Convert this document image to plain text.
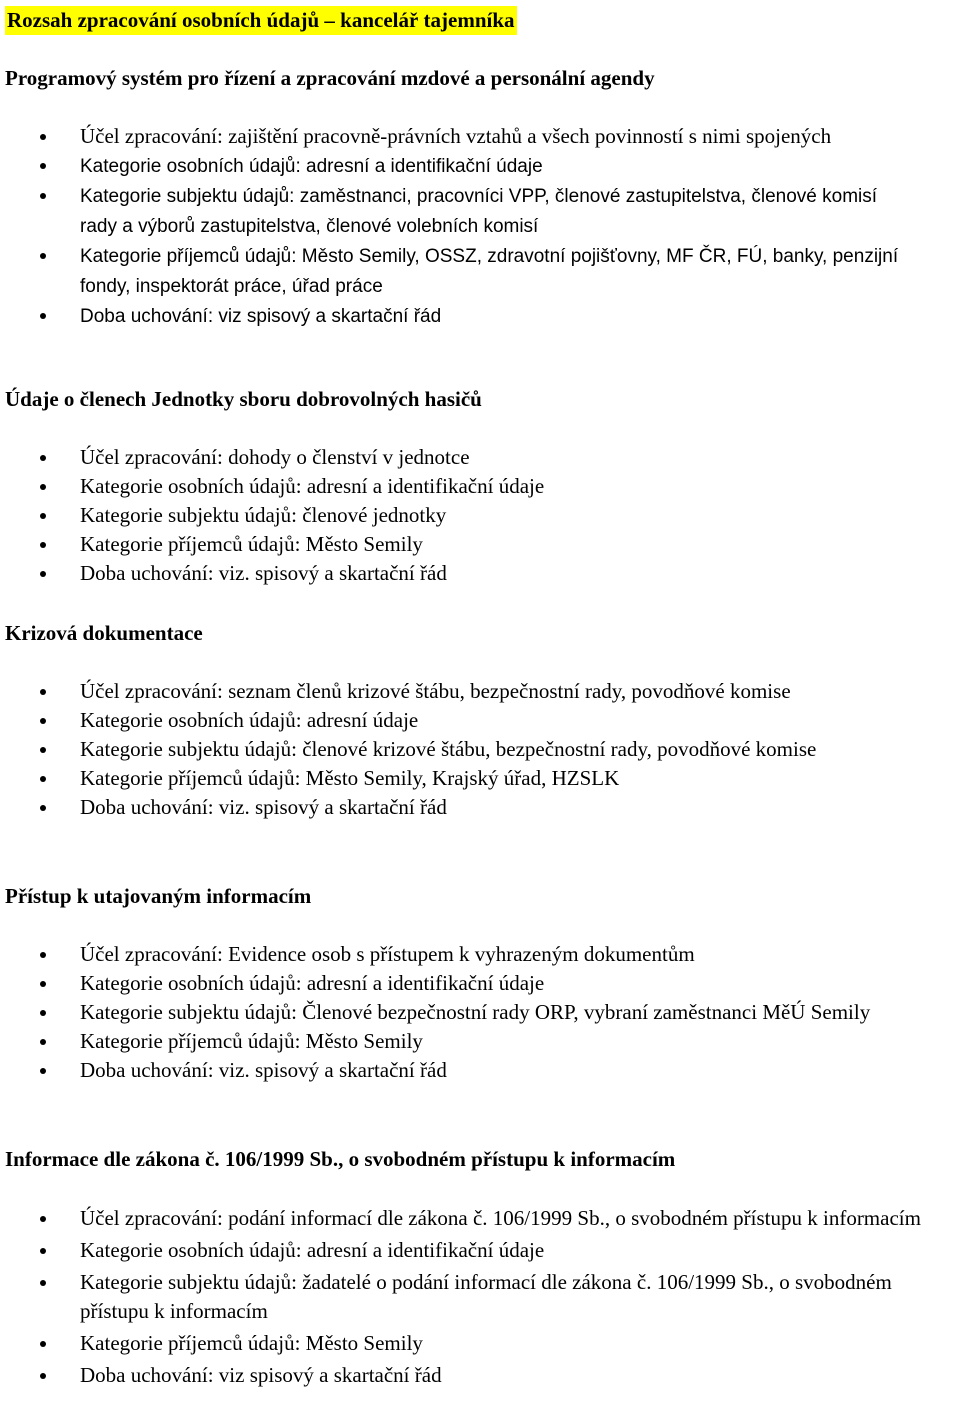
Rozsah zpracování osobních údajů – kancelář tajemníka
Programový systém pro řízení a zpracování mzdové a personální agendy
Účel zpracování: zajištění pracovně-právních vztahů a všech povinností s nimi spojených
Kategorie osobních údajů: adresní a identifikační údaje
Kategorie subjektu údajů: zaměstnanci, pracovníci VPP, členové zastupitelstva, členové komisí rady a výborů zastupitelstva, členové volebních komisí
Kategorie příjemců údajů: Město Semily, OSSZ, zdravotní pojišťovny, MF ČR, FÚ, banky, penzijní fondy, inspektorát práce, úřad práce
Doba uchování: viz spisový a skartační řád
Údaje o členech Jednotky sboru dobrovolných hasičů
Účel zpracování: dohody o členství v jednotce
Kategorie osobních údajů: adresní a identifikační údaje
Kategorie subjektu údajů: členové jednotky
Kategorie příjemců údajů: Město Semily
Doba uchování: viz. spisový a skartační řád
Krizová dokumentace
Účel zpracování: seznam členů krizové štábu, bezpečnostní rady, povodňové komise
Kategorie osobních údajů: adresní údaje
Kategorie subjektu údajů: členové krizové štábu, bezpečnostní rady, povodňové komise
Kategorie příjemců údajů: Město Semily, Krajský úřad, HZSLK
Doba uchování: viz. spisový a skartační řád
Přístup k utajovaným informacím
Účel zpracování: Evidence osob s přístupem k vyhrazeným dokumentům
Kategorie osobních údajů: adresní a identifikační údaje
Kategorie subjektu údajů: Členové bezpečnostní rady ORP, vybraní zaměstnanci MěÚ Semily
Kategorie příjemců údajů: Město Semily
Doba uchování: viz. spisový a skartační řád
Informace dle zákona č. 106/1999 Sb., o svobodném přístupu k informacím
Účel zpracování: podání informací dle zákona č. 106/1999 Sb., o svobodném přístupu k informacím
Kategorie osobních údajů: adresní a identifikační údaje
Kategorie subjektu údajů: žadatelé o podání informací dle zákona č. 106/1999 Sb., o svobodném přístupu k informacím
Kategorie příjemců údajů: Město Semily
Doba uchování: viz spisový a skartační řád
